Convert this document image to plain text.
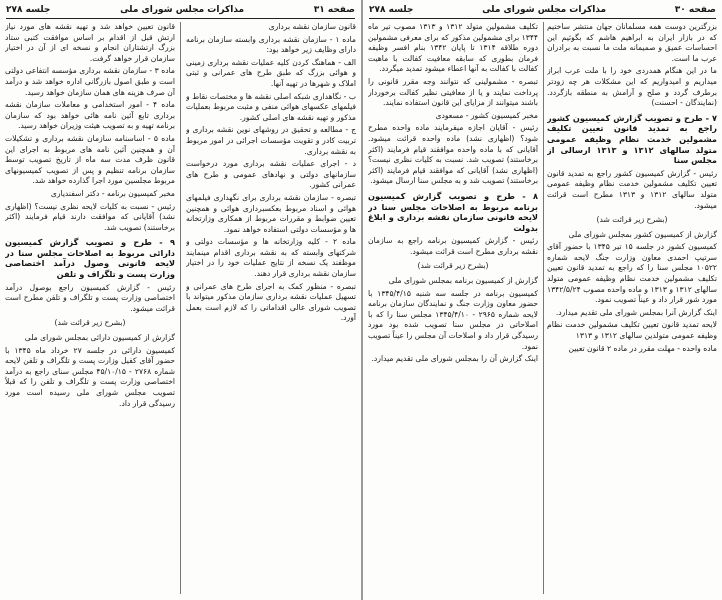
صفحه ۳۱
مذاکرات مجلس شورای ملی
جلسه ۲۷۸

قانون سازمان نقشه برداری

ماده ۱ - سازمان نقشه برداری وابسته سازمان برنامه دارای وظایف زیر خواهد بود:

الف - هماهنگ کردن کلیه عملیات نقشه برداری زمینی و هوائی بزرگ که طبق طرح های عمرانی و ثبتی املاک و شهرها در تهیه آنها.

ب - نگاهداری شبکه اصلی نقشه ها و مختصات نقاط و فیلمهای عکسهای هوائی منفی و مثبت مربوط بعملیات مذکور و تهیه نقشه های اصلی کشور.

ج - مطالعه و تحقیق در روشهای نوین نقشه برداری و تربیت کادر و تقویت مؤسسات اجرائی در امور مربوط به نقشه برداری.

د - اجرای عملیات نقشه برداری مورد درخواست سازمانهای دولتی و نهادهای عمومی و طرح های عمرانی کشور.

تبصره - سازمان نقشه برداری برای نگهداری فیلمهای هوائی و اسناد مربوط بعکسبرداری هوائی و همچنین تعیین ضوابط و مقررات مربوط از همکاری وزارتخانه ها و مؤسسات دولتی استفاده خواهد نمود.

ماده ۲ - کلیه وزارتخانه ها و مؤسسات دولتی و شرکتهای وابسته که به نقشه برداری اقدام مینمایند موظفند یک نسخه از نتایج عملیات خود را در اختیار سازمان نقشه برداری قرار دهند.

تبصره - منظور کمک به اجرای طرح های عمرانی و تسهیل عملیات نقشه برداری سازمان مذکور میتواند با تصویب شورای عالی اقداماتی را که لازم است بعمل آورد.

قانون تعیین خواهد شد و تهیه نقشه های مورد نیاز ارتش قبل از اقدام بر اساس موافقت کتبی ستاد بزرگ ارتشتاران انجام و نسخه ای از آن در اختیار سازمان قرار خواهد گرفت.

ماده ۳ - سازمان نقشه برداری مؤسسه انتفاعی دولتی است و طبق اصول بازرگانی اداره خواهد شد و درآمد آن صرف هزینه های همان سازمان خواهد رسید.

ماده ۴ - امور استخدامی و معاملات سازمان نقشه برداری تابع آئین نامه هائی خواهد بود که سازمان برنامه تهیه و به تصویب هیئت وزیران خواهد رسید.

ماده ۵ - اساسنامه سازمان نقشه برداری و تشکیلات آن و همچنین آئین نامه های مربوط به اجرای این قانون ظرف مدت سه ماه از تاریخ تصویب توسط سازمان برنامه تنظیم و پس از تصویب کمیسیونهای مربوط مجلسین مورد اجرا گذارده خواهد شد.

مخبر کمیسیون برنامه - دکتر اسفندیاری

رئیس - نسبت به کلیات لایحه نظری نیست؟ (اظهاری نشد) آقایانی که موافقت دارند قیام فرمایند (اکثر برخاستند) تصویب شد.

۹ - طرح و تصویب گزارش کمیسیون دارائی مربوط به اصلاحات مجلس سنا در لایحه قانونی وصول درآمد اختصاصی وزارت پست و تلگراف و تلفن

رئیس - گزارش کمیسیون راجع بوصول درآمد اختصاصی وزارت پست و تلگراف و تلفن مطرح است قرائت میشود.

(بشرح زیر قرائت شد)

گزارش از کمیسیون دارائی بمجلس شورای ملی

کمیسیون دارائی در جلسه ۲۷ خرداد ماه ۱۳۴۵ با حضور آقای کفیل وزارت پست و تلگراف و تلفن لایحه شماره ۲۷۶۸ - ۴۵/۱۰/۱۵ مجلس سنای راجع به درآمد اختصاصی وزارت پست و تلگراف و تلفن را که قبلاً تصویب مجلس شورای ملی رسیده است مورد رسیدگی قرار داد.

صفحه ۳۰
مذاکرات مجلس شورای ملی
جلسه ۲۷۸

بزرگترین دوست همه مسلمانان جهان منتشر ساختیم که در بازار ایران به ابراهیم هاشم که بگوئیم این احساسات عمیق و صمیمانه ملت ما نسبت به برادران عرب ما است.

ما در این هنگام همدردی خود را با ملت عرب ابراز میداریم و امیدواریم که این مشکلات هر چه زودتر برطرف گردد و صلح و آرامش به منطقه بازگردد. (نمایندگان - احسنت)

۷ - طرح و تصویب گزارش کمیسیون کشور راجع به تمدید قانون تعیین تکلیف مشمولین خدمت نظام وظیفه عمومی متولد سالهای ۱۳۱۲ و ۱۳۱۳ ارسالی از مجلس سنا

رئیس - گزارش کمیسیون کشور راجع به تمدید قانون تعیین تکلیف مشمولین خدمت نظام وظیفه عمومی متولد سالهای ۱۳۱۲ و ۱۳۱۳ مطرح است قرائت میشود.

(بشرح زیر قرائت شد)

گزارش از کمیسیون کشور بمجلس شورای ملی

کمیسیون کشور در جلسه ۱۵ تیر ۱۳۴۵ با حضور آقای سرتیپ احمدی معاون وزارت جنگ لایحه شماره ۱۰۵۲۲ مجلس سنا را که راجع به تمدید قانون تعیین تکلیف مشمولین خدمت نظام وظیفه عمومی متولد سالهای ۱۳۱۲ و ۱۳۱۳ و ماده واحده مصوب ۱۳۴۲/۵/۲۴ مورد شور قرار داد و عیناً تصویب نمود.

اینک گزارش آنرا بمجلس شورای ملی تقدیم میدارد.

لایحه تمدید قانون تعیین تکلیف مشمولین خدمت نظام وظیفه عمومی متولدین سالهای ۱۳۱۲ و ۱۳۱۳

ماده واحده - مهلت مقرر در ماده ۲ قانون تعیین

تکلیف مشمولین متولد ۱۳۱۲ و ۱۳۱۳ مصوب تیر ماه ۱۳۴۴ برای مشمولین مذکور که برای معرفی مشمولین دوره طلاقه ۱۳۱۴ تا پایان ۱۳۴۲ بنام افسر وظیفه فرمان بطوری که سابقه معافیت کفالت با ماهیت کفالت با کفالت به آنها اعطاء میشود تمدید میگردد.

تبصره - مشمولینی که نتوانند وجه مقرر قانونی را پرداخت نمایند و یا از معافیتی نظیر کفالت برخوردار باشند میتوانند از مزایای این قانون استفاده نمایند.

مخبر کمیسیون کشور - مسعودی

رئیس - آقایان اجازه میفرمایند ماده واحده مطرح شود؟ (اظهاری نشد) ماده واحده قرائت میشود. آقایانی که با ماده واحده موافقند قیام فرمایند (اکثر برخاستند) تصویب شد. نسبت به کلیات نظری نیست؟ (اظهاری نشد) آقایانی که موافقند قیام فرمایند (اکثر برخاستند) تصویب شد و به مجلس سنا ارسال میشود.

۸ - طرح و تصویب گزارش کمیسیون برنامه مربوط به اصلاحات مجلس سنا در لایحه قانونی سازمان نقشه برداری و ابلاغ بدولت

رئیس - گزارش کمیسیون برنامه راجع به سازمان نقشه برداری مطرح است قرائت میشود.

(بشرح زیر قرائت شد)

گزارش از کمیسیون برنامه بمجلس شورای ملی

کمیسیون برنامه در جلسه سه شنبه ۱۳۴۵/۴/۱۵ با حضور معاون وزارت جنگ و نمایندگان سازمان برنامه لایحه شماره ۲۹۶۵ - ۱۳۴۵/۴/۱۰ مجلس سنا را که با اصلاحاتی در مجلس سنا تصویب شده بود مورد رسیدگی قرار داد و اصلاحات آن مجلس را عیناً تصویب نمود.

اینک گزارش آن را بمجلس شورای ملی تقدیم میدارد.
